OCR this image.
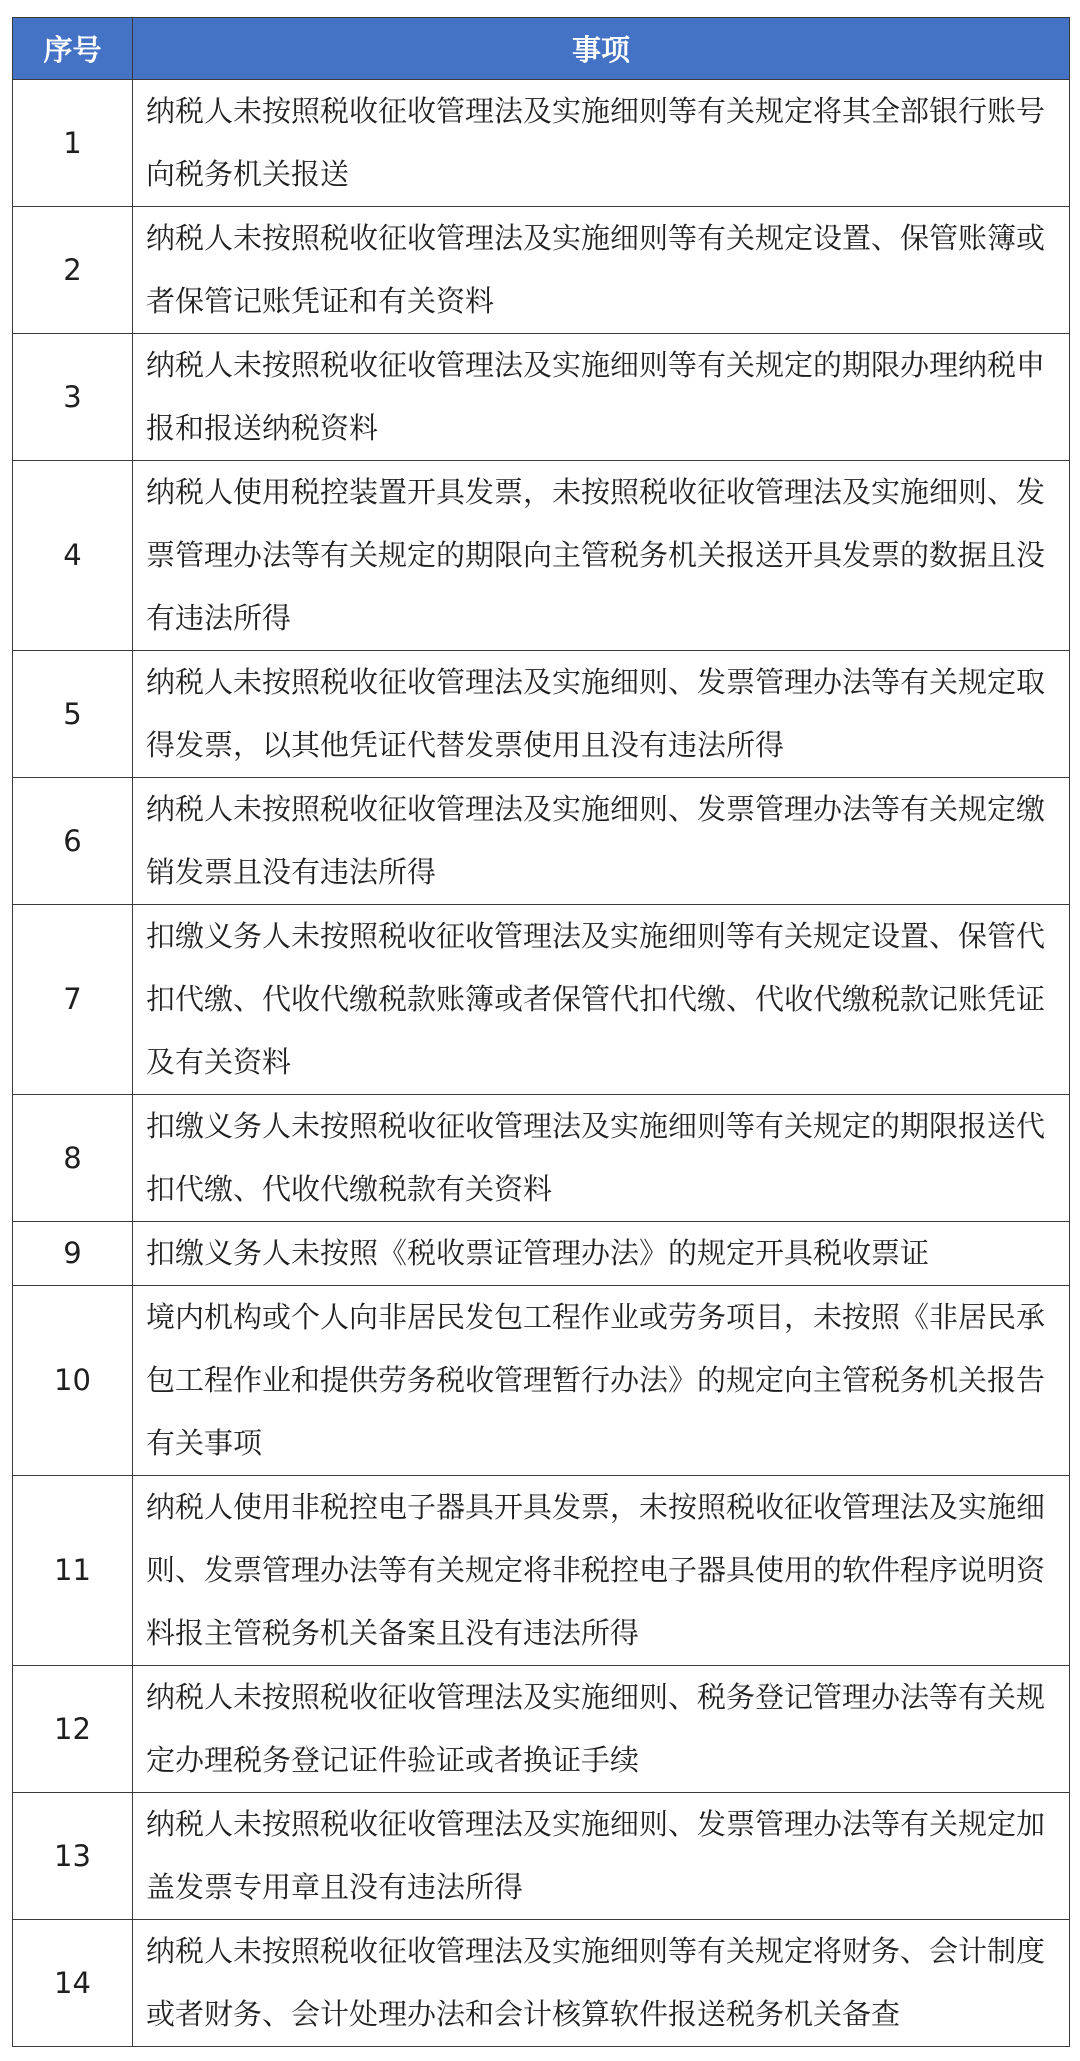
序号	事项
1	纳税人未按照税收征收管理法及实施细则等有关规定将其全部银行账号向税务机关报送
2	纳税人未按照税收征收管理法及实施细则等有关规定设置、保管账簿或者保管记账凭证和有关资料
3	纳税人未按照税收征收管理法及实施细则等有关规定的期限办理纳税申报和报送纳税资料
4	纳税人使用税控装置开具发票，未按照税收征收管理法及实施细则、发票管理办法等有关规定的期限向主管税务机关报送开具发票的数据且没有违法所得
5	纳税人未按照税收征收管理法及实施细则、发票管理办法等有关规定取得发票，以其他凭证代替发票使用且没有违法所得
6	纳税人未按照税收征收管理法及实施细则、发票管理办法等有关规定缴销发票且没有违法所得
7	扣缴义务人未按照税收征收管理法及实施细则等有关规定设置、保管代扣代缴、代收代缴税款账簿或者保管代扣代缴、代收代缴税款记账凭证及有关资料
8	扣缴义务人未按照税收征收管理法及实施细则等有关规定的期限报送代扣代缴、代收代缴税款有关资料
9	扣缴义务人未按照《税收票证管理办法》的规定开具税收票证
10	境内机构或个人向非居民发包工程作业或劳务项目，未按照《非居民承包工程作业和提供劳务税收管理暂行办法》的规定向主管税务机关报告有关事项
11	纳税人使用非税控电子器具开具发票，未按照税收征收管理法及实施细则、发票管理办法等有关规定将非税控电子器具使用的软件程序说明资料报主管税务机关备案且没有违法所得
12	纳税人未按照税收征收管理法及实施细则、税务登记管理办法等有关规定办理税务登记证件验证或者换证手续
13	纳税人未按照税收征收管理法及实施细则、发票管理办法等有关规定加盖发票专用章且没有违法所得
14	纳税人未按照税收征收管理法及实施细则等有关规定将财务、会计制度或者财务、会计处理办法和会计核算软件报送税务机关备查
